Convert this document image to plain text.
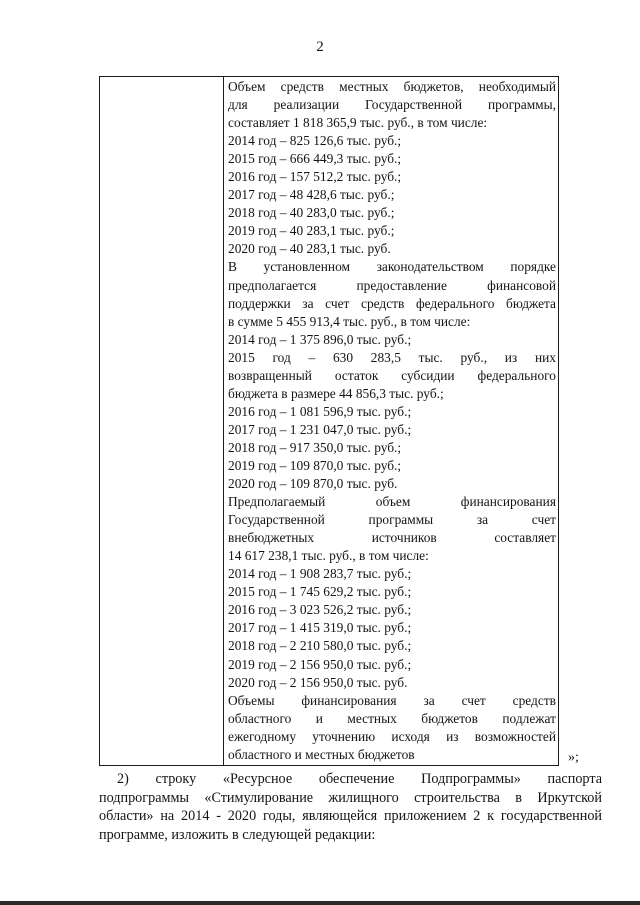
2
Объем средств местных бюджетов, необходимый
для реализации Государственной программы,
составляет 1 818 365,9 тыс. руб., в том числе:
2014 год – 825 126,6 тыс. руб.;
2015 год – 666 449,3 тыс. руб.;
2016 год – 157 512,2 тыс. руб.;
2017 год – 48 428,6 тыс. руб.;
2018 год – 40 283,0 тыс. руб.;
2019 год – 40 283,1 тыс. руб.;
2020 год – 40 283,1 тыс. руб.
В установленном законодательством порядке
предполагается предоставление финансовой
поддержки за счет средств федерального бюджета
в сумме 5 455 913,4 тыс. руб., в том числе:
2014 год – 1 375 896,0 тыс. руб.;
2015 год – 630 283,5 тыс. руб., из них
возвращенный остаток субсидии федерального
бюджета в размере 44 856,3 тыс. руб.;
2016 год – 1 081 596,9 тыс. руб.;
2017 год – 1 231 047,0 тыс. руб.;
2018 год – 917 350,0 тыс. руб.;
2019 год – 109 870,0 тыс. руб.;
2020 год – 109 870,0 тыс. руб.
Предполагаемый объем финансирования
Государственной программы за счет
внебюджетных источников составляет
14 617 238,1 тыс. руб., в том числе:
2014 год – 1 908 283,7 тыс. руб.;
2015 год – 1 745 629,2 тыс. руб.;
2016 год – 3 023 526,2 тыс. руб.;
2017 год – 1 415 319,0 тыс. руб.;
2018 год – 2 210 580,0 тыс. руб.;
2019 год – 2 156 950,0 тыс. руб.;
2020 год – 2 156 950,0 тыс. руб.
Объемы финансирования за счет средств
областного и местных бюджетов подлежат
ежегодному уточнению исходя из возможностей
областного и местных бюджетов	»;
2) строку «Ресурсное обеспечение Подпрограммы» паспорта
подпрограммы «Стимулирование жилищного строительства в Иркутской
области» на 2014 - 2020 годы, являющейся приложением 2 к государственной
программе, изложить в следующей редакции:
